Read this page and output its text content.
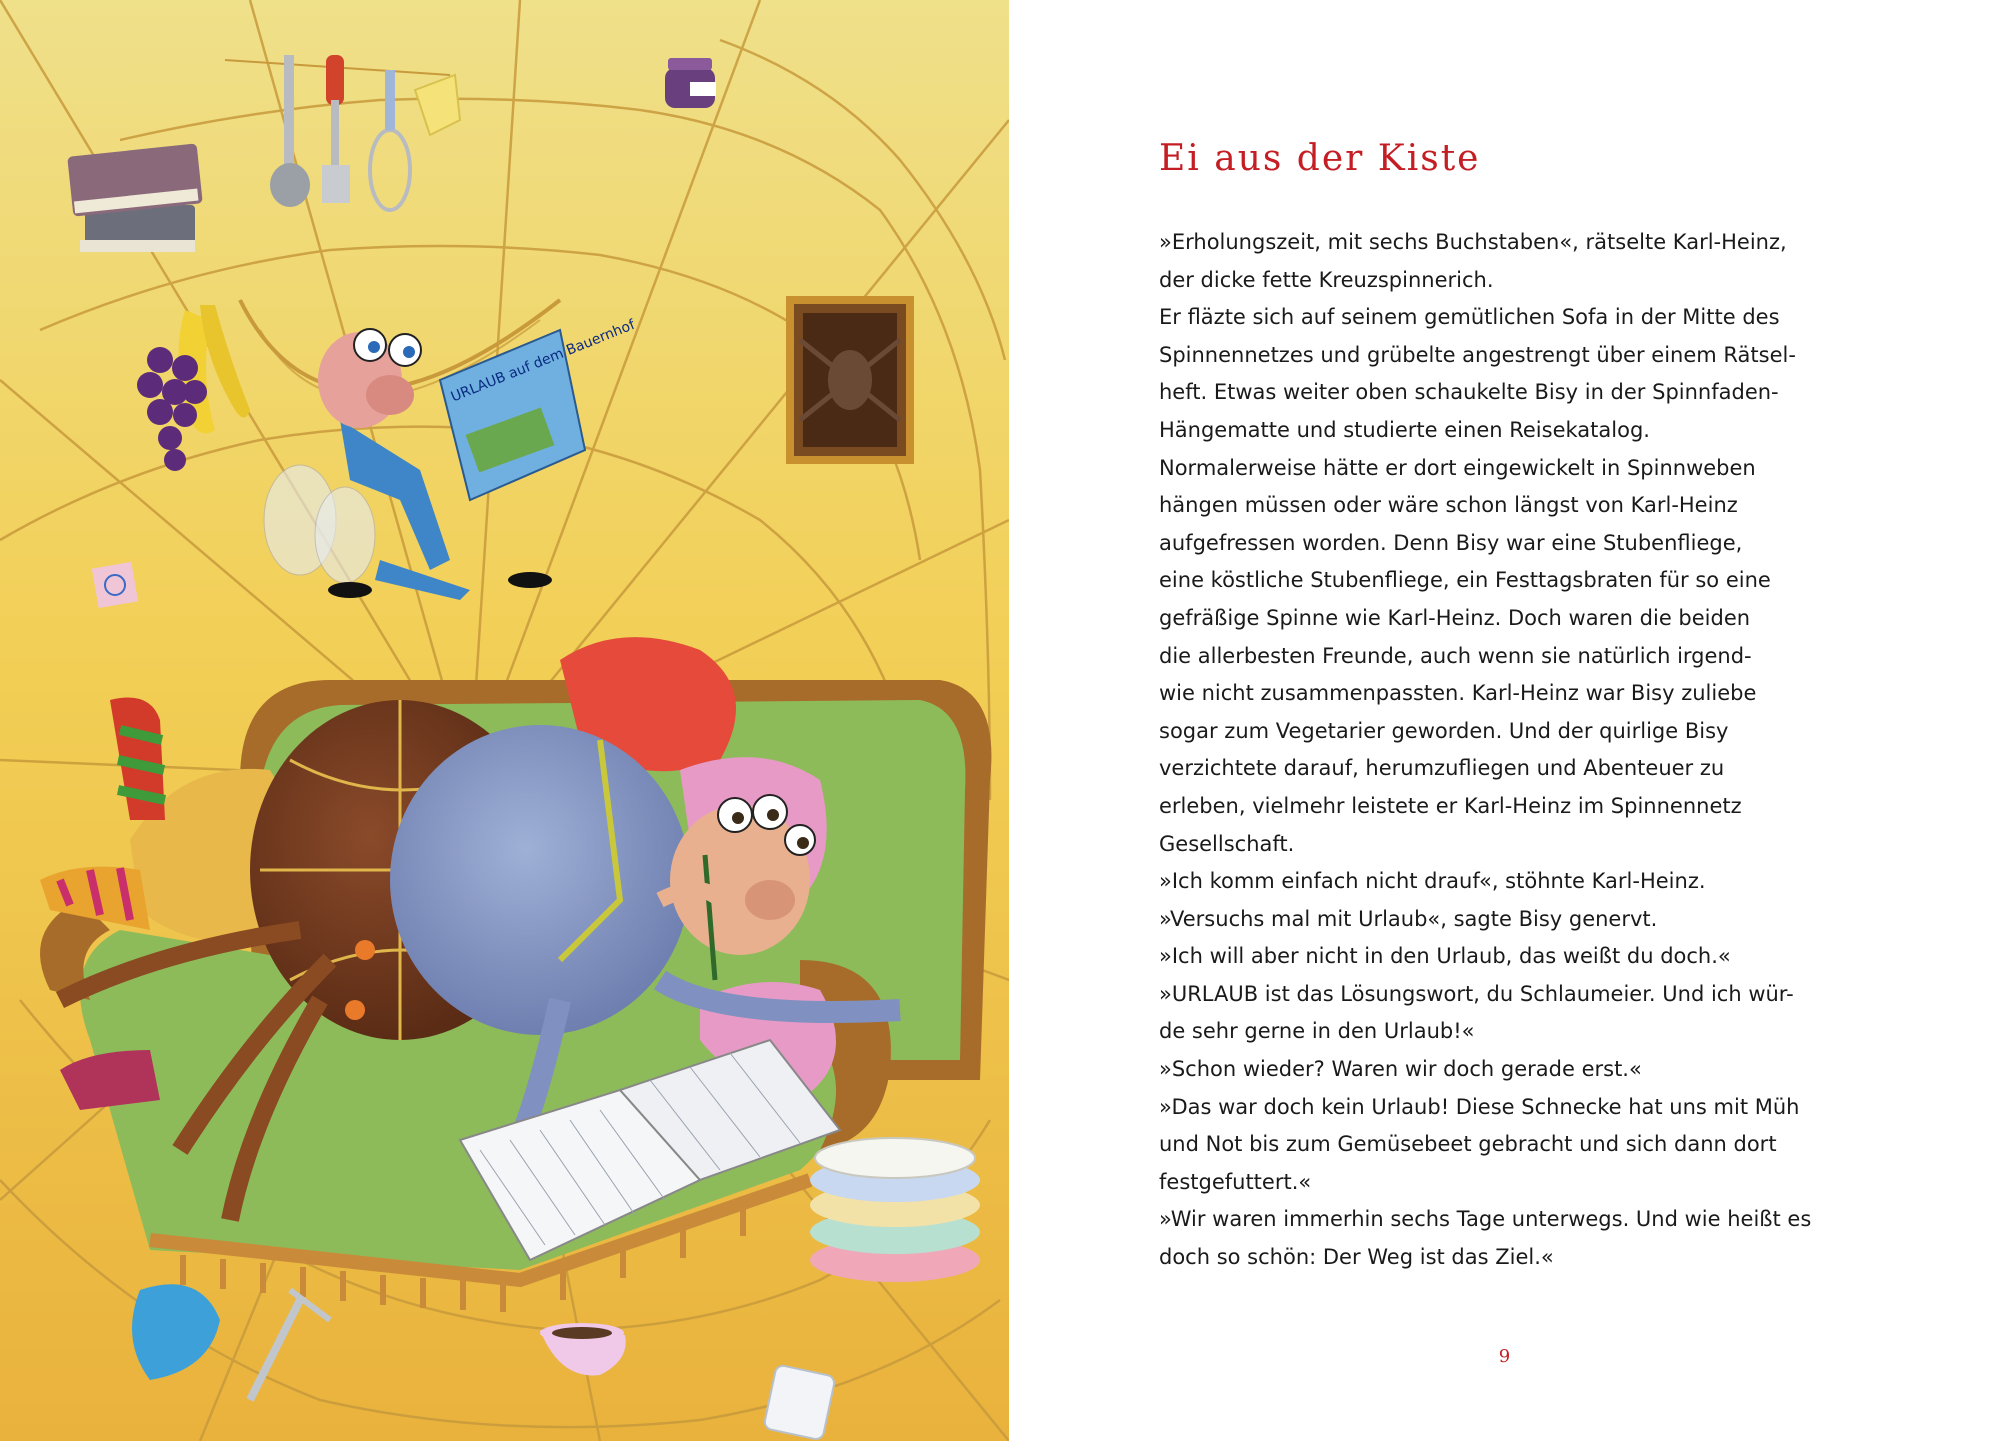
URLAUB auf dem Bauernhof
Ei aus der Kiste
»Erholungszeit, mit sechs Buchstaben«, rätselte Karl-Heinz,
der dicke fette Kreuzspinnerich.
Er fläzte sich auf seinem gemütlichen Sofa in der Mitte des
Spinnennetzes und grübelte angestrengt über einem Rätsel-
heft. Etwas weiter oben schaukelte Bisy in der Spinnfaden-
Hängematte und studierte einen Reisekatalog.
Normalerweise hätte er dort eingewickelt in Spinnweben
hängen müssen oder wäre schon längst von Karl-Heinz
aufgefressen worden. Denn Bisy war eine Stubenfliege,
eine köstliche Stubenfliege, ein Festtagsbraten für so eine
gefräßige Spinne wie Karl-Heinz. Doch waren die beiden
die allerbesten Freunde, auch wenn sie natürlich irgend-
wie nicht zusammenpassten. Karl-Heinz war Bisy zuliebe
sogar zum Vegetarier geworden. Und der quirlige Bisy
verzichtete darauf, herumzufliegen und Abenteuer zu
erleben, vielmehr leistete er Karl-Heinz im Spinnennetz
Gesellschaft.
»Ich komm einfach nicht drauf«, stöhnte Karl-Heinz.
»Versuchs mal mit Urlaub«, sagte Bisy genervt.
»Ich will aber nicht in den Urlaub, das weißt du doch.«
»URLAUB ist das Lösungswort, du Schlaumeier. Und ich wür-
de sehr gerne in den Urlaub!«
»Schon wieder? Waren wir doch gerade erst.«
»Das war doch kein Urlaub! Diese Schnecke hat uns mit Müh
und Not bis zum Gemüsebeet gebracht und sich dann dort
festgefuttert.«
»Wir waren immerhin sechs Tage unterwegs. Und wie heißt es
doch so schön: Der Weg ist das Ziel.«
9
